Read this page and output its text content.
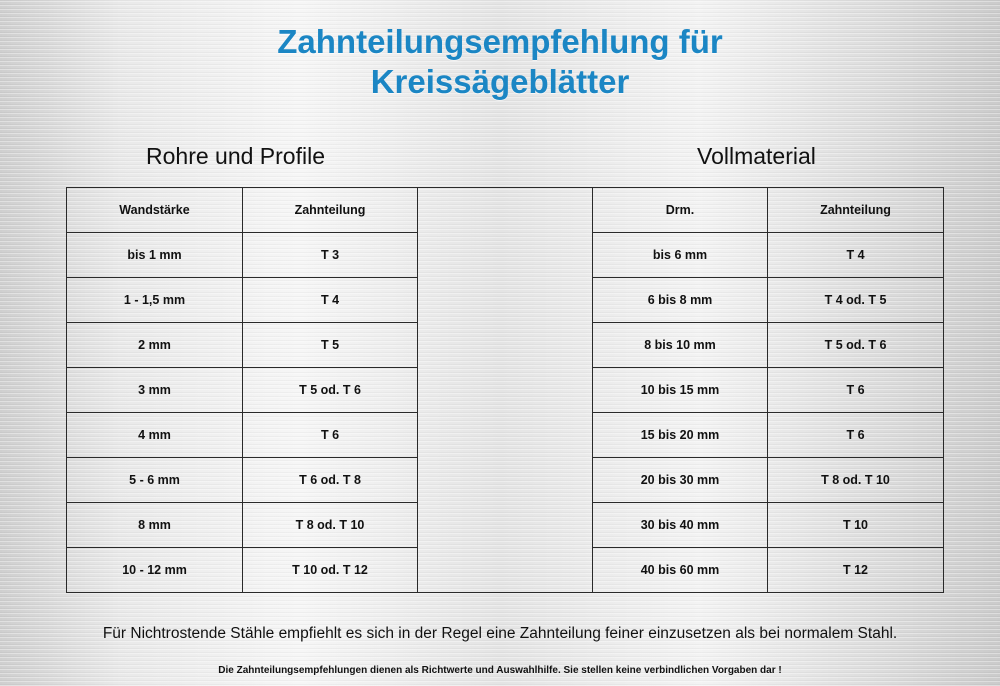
Zahnteilungsempfehlung für
Kreissägeblätter
Rohre und Profile	Vollmaterial
Wandstärke	Zahnteilung		Drm.	Zahnteilung
bis 1 mm	T 3		bis 6 mm	T 4
1 - 1,5 mm	T 4		6 bis 8 mm	T 4 od. T 5
2 mm	T 5		8 bis 10 mm	T 5 od. T 6
3 mm	T 5 od. T 6		10 bis 15 mm	T 6
4 mm	T 6		15 bis 20 mm	T 6
5 - 6 mm	T 6 od. T 8		20 bis 30 mm	T 8 od. T 10
8 mm	T 8 od. T 10		30 bis 40 mm	T 10
10 - 12 mm	T 10 od. T 12		40 bis 60 mm	T 12
Für Nichtrostende Stähle empfiehlt es sich in der Regel eine Zahnteilung feiner einzusetzen als bei normalem Stahl.
Die Zahnteilungsempfehlungen dienen als Richtwerte und Auswahlhilfe. Sie stellen keine verbindlichen Vorgaben dar !
